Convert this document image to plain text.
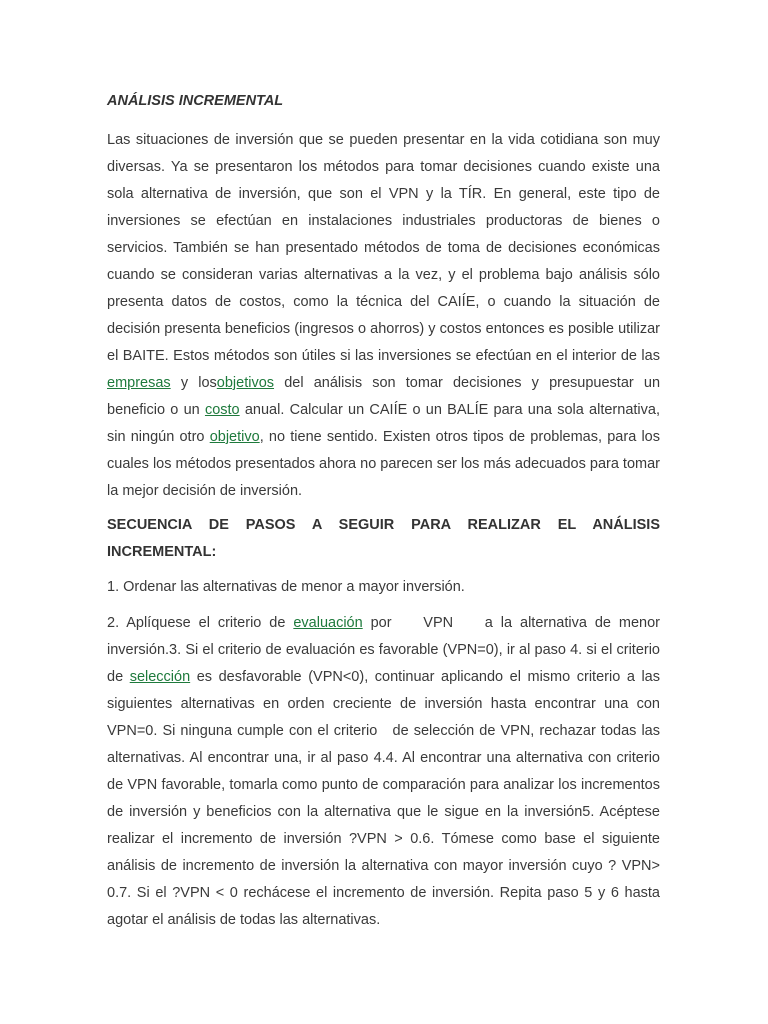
ANÁLISIS INCREMENTAL

Las situaciones de inversión que se pueden presentar en la vida cotidiana son muy diversas. Ya se presentaron los métodos para tomar decisiones cuando existe una sola alternativa de inversión, que son el VPN y la TÍR. En general, este tipo de inversiones se efectúan en instalaciones industriales productoras de bienes o servicios. También se han presentado métodos de toma de decisiones económicas cuando se consideran varias alternativas a la vez, y el problema bajo análisis sólo presenta datos de costos, como la técnica del CAIÍE, o cuando la situación de decisión presenta beneficios (ingresos o ahorros) y costos entonces es posible utilizar el BAITE. Estos métodos son útiles si las inversiones se efectúan en el interior de las empresas y losobjetivos del análisis son tomar decisiones y presupuestar un beneficio o un costo anual. Calcular un CAIÍE o un BALÍE para una sola alternativa, sin ningún otro objetivo, no tiene sentido. Existen otros tipos de problemas, para los cuales los métodos presentados ahora no parecen ser los más adecuados para tomar la mejor decisión de inversión.

SECUENCIA DE PASOS A SEGUIR PARA REALIZAR EL ANÁLISIS INCREMENTAL:

1. Ordenar las alternativas de menor a mayor inversión.

2. Aplíquese el criterio de evaluación por    VPN    a la alternativa de menor inversión.3. Si el criterio de evaluación es favorable (VPN=0), ir al paso 4. si el criterio de selección es desfavorable (VPN<0), continuar aplicando el mismo criterio a las siguientes alternativas en orden creciente de inversión hasta encontrar una con VPN=0. Si ninguna cumple con el criterio   de selección de VPN, rechazar todas las alternativas. Al encontrar una, ir al paso 4.4. Al encontrar una alternativa con criterio de VPN favorable, tomarla como punto de comparación para analizar los incrementos de inversión y beneficios con la alternativa que le sigue en la inversión5. Acéptese realizar el incremento de inversión ?VPN > 0.6. Tómese como base el siguiente análisis de incremento de inversión la alternativa con mayor inversión cuyo ? VPN> 0.7. Si el ?VPN < 0 rechácese el incremento de inversión. Repita paso 5 y 6 hasta agotar el análisis de todas las alternativas.
